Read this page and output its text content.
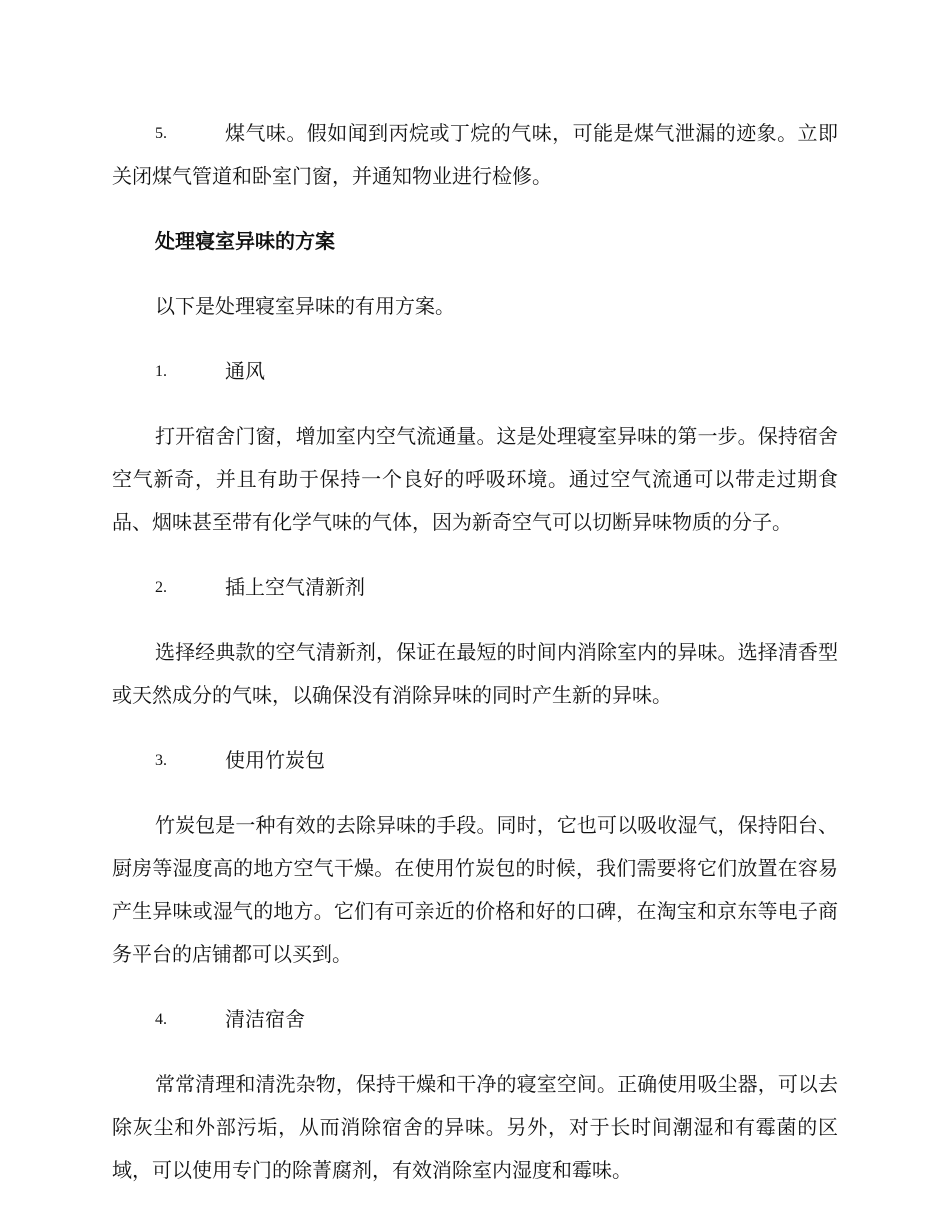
5.	煤气味。假如闻到丙烷或丁烷的气味，可能是煤气泄漏的迹象。立即关闭煤气管道和卧室门窗，并通知物业进行检修。

处理寝室异味的方案

以下是处理寝室异味的有用方案。

1.	通风

打开宿舍门窗，增加室内空气流通量。这是处理寝室异味的第一步。保持宿舍空气新奇，并且有助于保持一个良好的呼吸环境。通过空气流通可以带走过期食品、烟味甚至带有化学气味的气体，因为新奇空气可以切断异味物质的分子。

2.	插上空气清新剂

选择经典款的空气清新剂，保证在最短的时间内消除室内的异味。选择清香型或天然成分的气味，以确保没有消除异味的同时产生新的异味。

3.	使用竹炭包

竹炭包是一种有效的去除异味的手段。同时，它也可以吸收湿气，保持阳台、厨房等湿度高的地方空气干燥。在使用竹炭包的时候，我们需要将它们放置在容易产生异味或湿气的地方。它们有可亲近的价格和好的口碑，在淘宝和京东等电子商务平台的店铺都可以买到。

4.	清洁宿舍

常常清理和清洗杂物，保持干燥和干净的寝室空间。正确使用吸尘器，可以去除灰尘和外部污垢，从而消除宿舍的异味。另外，对于长时间潮湿和有霉菌的区域，可以使用专门的除菁腐剂，有效消除室内湿度和霉味。
